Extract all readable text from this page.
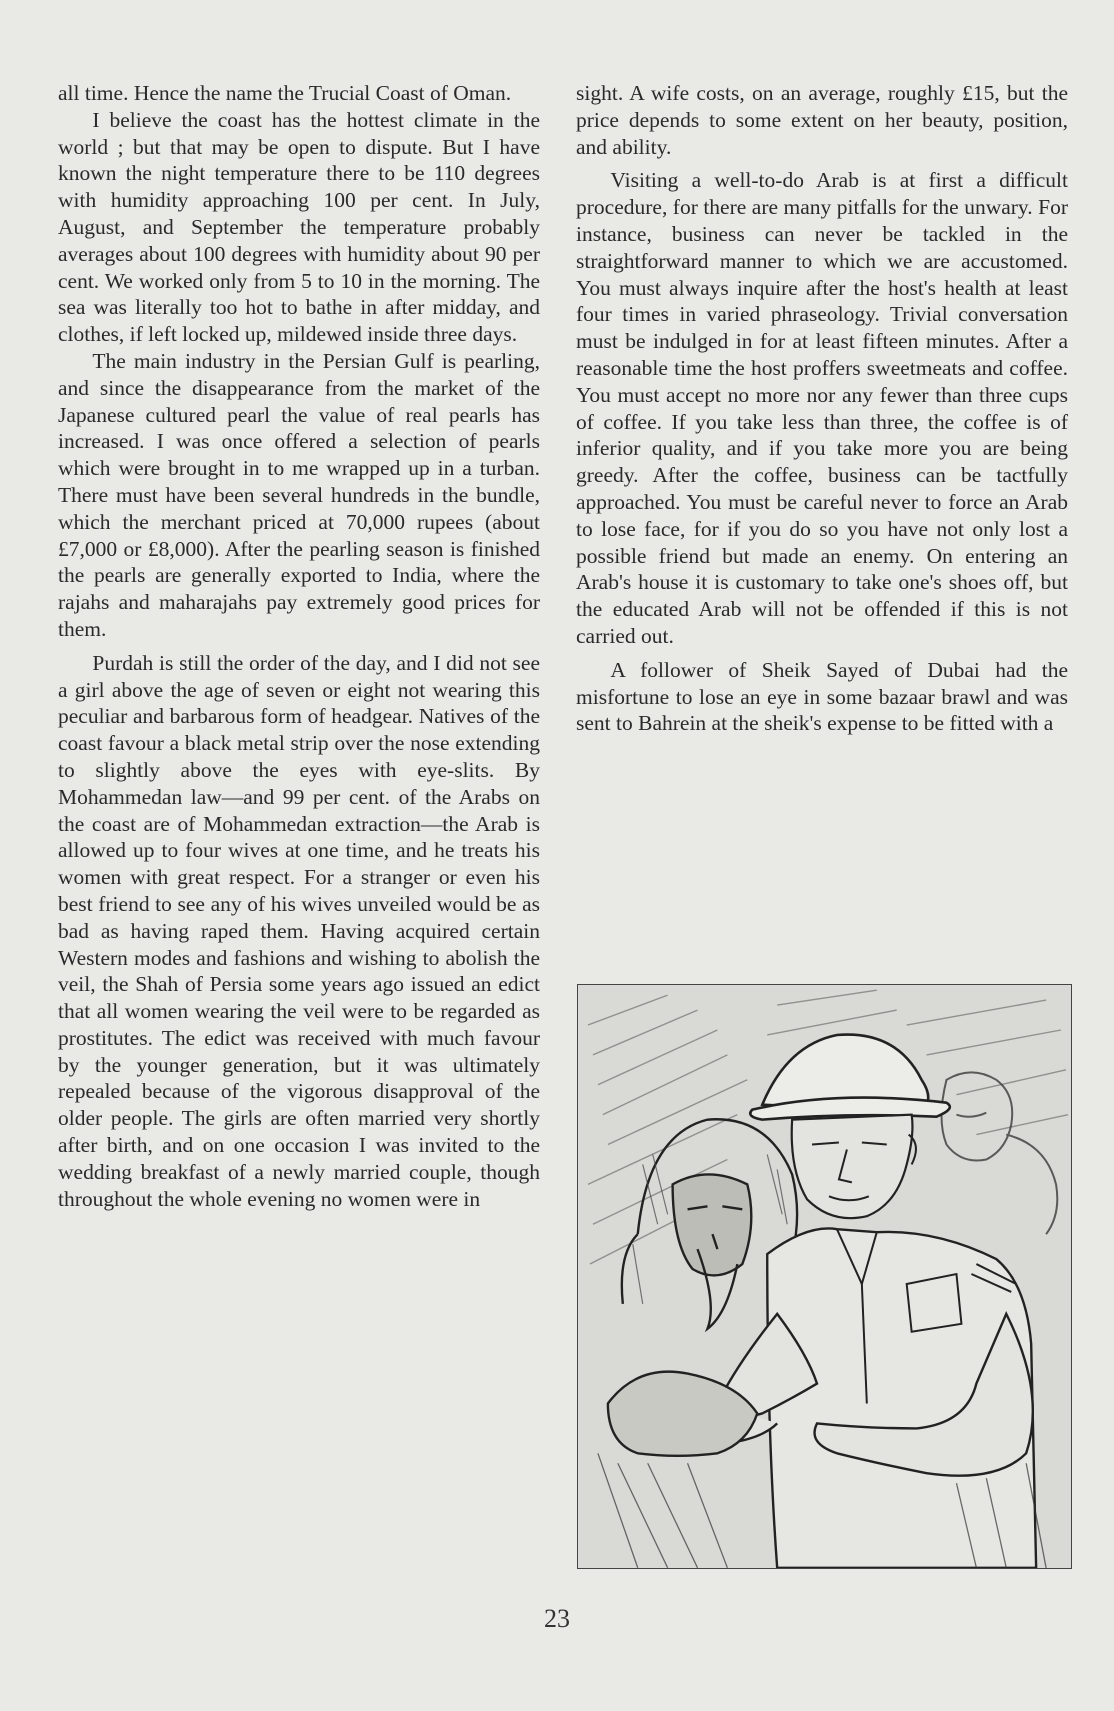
all time. Hence the name the Trucial Coast of Oman.

I believe the coast has the hottest climate in the world ; but that may be open to dispute. But I have known the night temperature there to be 110 degrees with humidity approaching 100 per cent. In July, August, and September the temperature probably averages about 100 degrees with humidity about 90 per cent. We worked only from 5 to 10 in the morning. The sea was literally too hot to bathe in after midday, and clothes, if left locked up, mildewed inside three days.

The main industry in the Persian Gulf is pearling, and since the disappearance from the market of the Japanese cultured pearl the value of real pearls has increased. I was once offered a selection of pearls which were brought in to me wrapped up in a turban. There must have been several hundreds in the bundle, which the merchant priced at 70,000 rupees (about £7,000 or £8,000). After the pearling season is finished the pearls are generally exported to India, where the rajahs and maharajahs pay extremely good prices for them.

Purdah is still the order of the day, and I did not see a girl above the age of seven or eight not wearing this peculiar and barbarous form of headgear. Natives of the coast favour a black metal strip over the nose extending to slightly above the eyes with eye-slits. By Mohammedan law—and 99 per cent. of the Arabs on the coast are of Mohammedan extraction—the Arab is allowed up to four wives at one time, and he treats his women with great respect. For a stranger or even his best friend to see any of his wives unveiled would be as bad as having raped them. Having acquired certain Western modes and fashions and wishing to abolish the veil, the Shah of Persia some years ago issued an edict that all women wearing the veil were to be regarded as prostitutes. The edict was received with much favour by the younger generation, but it was ultimately repealed because of the vigorous disapproval of the older people. The girls are often married very shortly after birth, and on one occasion I was invited to the wedding breakfast of a newly married couple, though throughout the whole evening no women were in

sight. A wife costs, on an average, roughly £15, but the price depends to some extent on her beauty, position, and ability.

Visiting a well-to-do Arab is at first a difficult procedure, for there are many pitfalls for the unwary. For instance, business can never be tackled in the straightforward manner to which we are accustomed. You must always inquire after the host's health at least four times in varied phraseology. Trivial conversation must be indulged in for at least fifteen minutes. After a reasonable time the host proffers sweetmeats and coffee. You must accept no more nor any fewer than three cups of coffee. If you take less than three, the coffee is of inferior quality, and if you take more you are being greedy. After the coffee, business can be tactfully approached. You must be careful never to force an Arab to lose face, for if you do so you have not only lost a possible friend but made an enemy. On entering an Arab's house it is customary to take one's shoes off, but the educated Arab will not be offended if this is not carried out.

A follower of Sheik Sayed of Dubai had the misfortune to lose an eye in some bazaar brawl and was sent to Bahrein at the sheik's expense to be fitted with a

23
